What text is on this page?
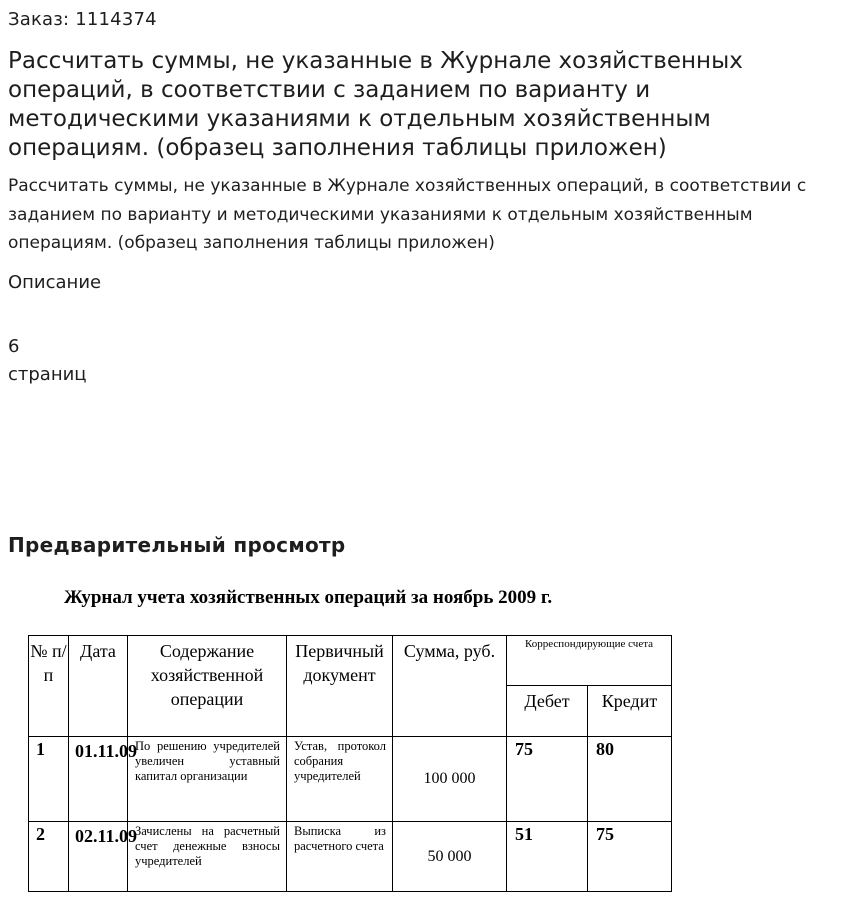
Заказ: 1114374
Рассчитать суммы, не указанные в Журнале хозяйственных операций, в соответствии с заданием по варианту и методическими указаниями к отдельным хозяйственным операциям. (образец заполнения таблицы приложен)
Рассчитать суммы, не указанные в Журнале хозяйственных операций, в соответствии с заданием по варианту и методическими указаниями к отдельным хозяйственным операциям. (образец заполнения таблицы приложен)
Описание
6
страниц
Предварительный просмотр
Журнал учета хозяйственных операций за ноябрь 2009 г.
№ п/п	Дата	Содержание хозяйственной операции	Первичный документ	Сумма, руб.	Корреспондирующие счета	
					Дебет	Кредит
1	01.11.09	По решению учредителей увеличен уставный капитал организации	Устав, протокол собрания учредителей	100 000	75	80
2	02.11.09	Зачислены на расчетный счет денежные взносы учредителей	Выписка из расчетного счета	50 000	51	75
